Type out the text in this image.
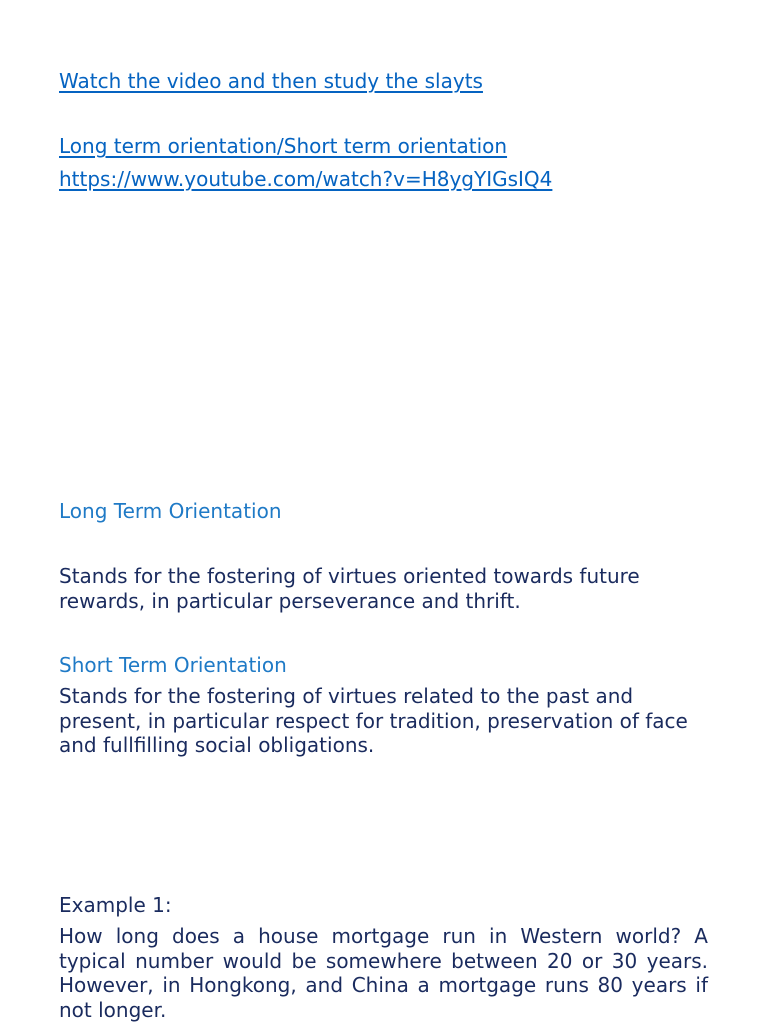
Watch the video and then study the slayts
Long term orientation/Short term orientation
https://www.youtube.com/watch?v=H8ygYIGsIQ4
Long Term Orientation

Stands for the fostering of virtues oriented towards future rewards, in particular perseverance and thrift.

Short Term Orientation

Stands for the fostering of virtues related to the past and present, in particular respect for tradition, preservation of face and fullfilling social obligations.

Example 1:

How long does a house mortgage run in Western world? A typical number would be somewhere between 20 or 30 years. However, in Hongkong, and China a mortgage runs 80 years if not longer.
